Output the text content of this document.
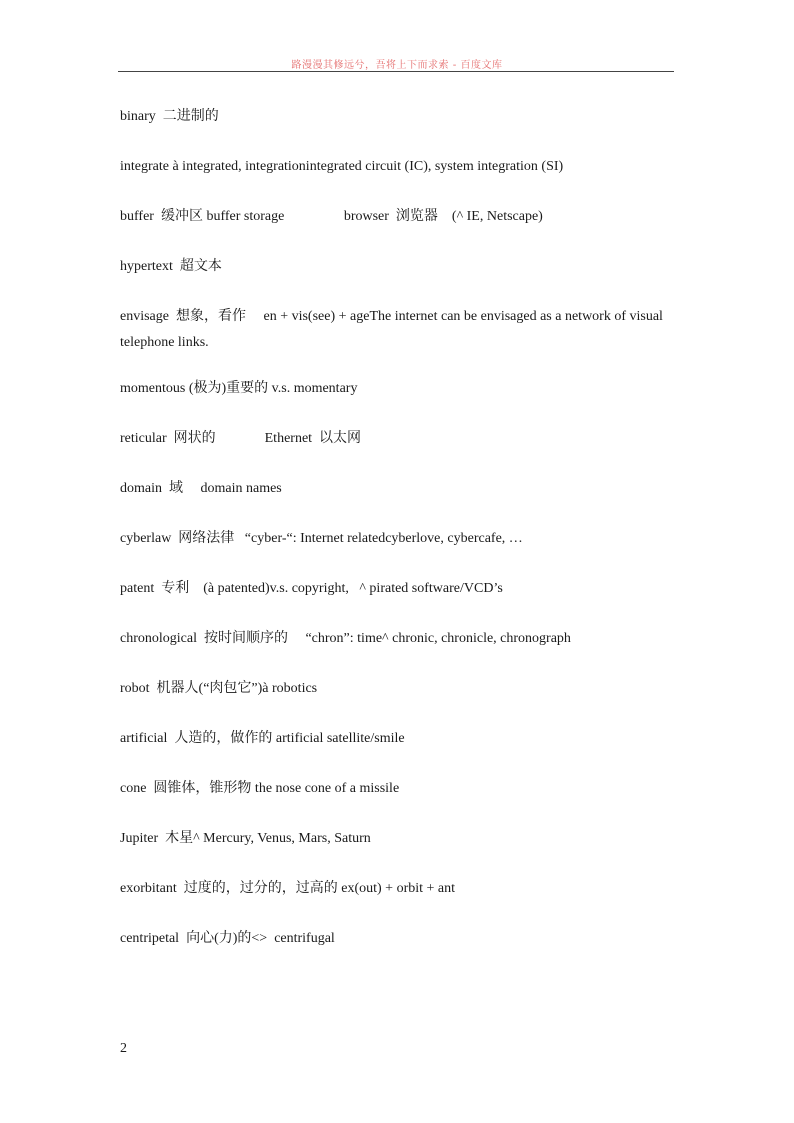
路漫漫其修远兮，吾将上下而求索 - 百度文库
binary  二进制的
integrate à integrated, integrationintegrated circuit (IC), system integration (SI)
buffer  缓冲区 buffer storage                 browser  浏览器    (^ IE, Netscape)
hypertext  超文本
envisage  想象，看作     en + vis(see) + ageThe internet can be envisaged as a network of visual telephone links.
momentous (极为)重要的 v.s. momentary
reticular  网状的              Ethernet  以太网
domain  域     domain names
cyberlaw  网络法律   “cyber-“: Internet relatedcyberlove, cybercafe, …
patent  专利    (à patented)v.s. copyright,   ^ pirated software/VCD’s
chronological  按时间顺序的     “chron”: time^ chronic, chronicle, chronograph
robot  机器人(“肉包它”)à robotics
artificial  人造的，做作的 artificial satellite/smile
cone  圆锥体，锥形物 the nose cone of a missile
Jupiter  木星^ Mercury, Venus, Mars, Saturn
exorbitant  过度的，过分的，过高的 ex(out) + orbit + ant
centripetal  向心(力)的<>  centrifugal
2
